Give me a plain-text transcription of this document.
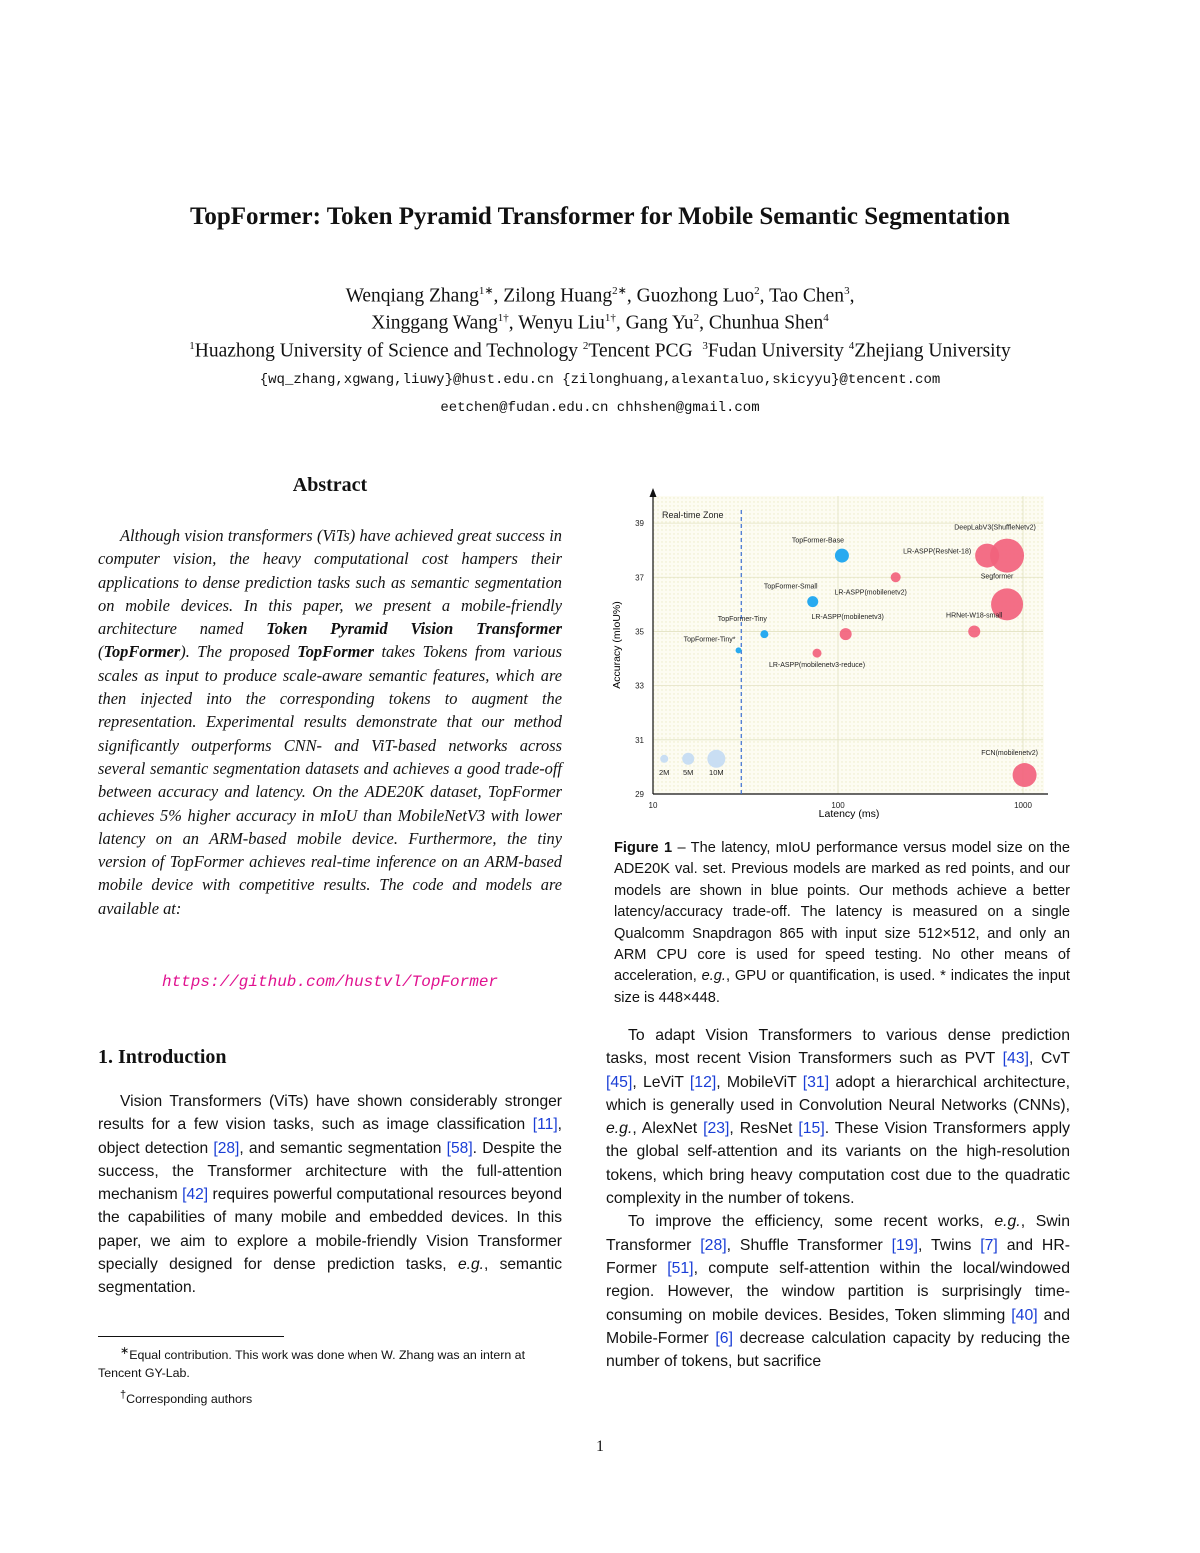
TopFormer: Token Pyramid Transformer for Mobile Semantic Segmentation
Wenqiang Zhang$^{1∗}$, Zilong Huang$^{2∗}$, Guozhong Luo$^2$, Tao Chen$^3$,
Xinggang Wang$^{1\dagger}$, Wenyu Liu$^{1\dagger}$, Gang Yu$^2$, Chunhua Shen$^4$
$^1$Huazhong University of Science and Technology $^2$Tencent PCG $^3$Fudan University $^4$Zhejiang University
{wq_zhang,xgwang,liuwy}@hust.edu.cn {zilonghuang,alexantaluo,skicyyu}@tencent.com
eetchen@fudan.edu.cn chhshen@gmail.com
Abstract
Although vision transformers (ViTs) have achieved great success in computer vision, the heavy computational cost hampers their applications to dense prediction tasks such as semantic segmentation on mobile devices. In this paper, we present a mobile-friendly architecture named Token Pyramid Vision Transformer (TopFormer). The proposed TopFormer takes Tokens from various scales as input to produce scale-aware semantic features, which are then injected into the corresponding tokens to augment the representation. Experimental results demonstrate that our method significantly outperforms CNN- and ViT-based networks across several semantic segmentation datasets and achieves a good trade-off between accuracy and latency. On the ADE20K dataset, TopFormer achieves 5% higher accuracy in mIoU than MobileNetV3 with lower latency on an ARM-based mobile device. Furthermore, the tiny version of TopFormer achieves real-time inference on an ARM-based mobile device with competitive results. The code and models are available at:
https://github.com/hustvl/TopFormer
1. Introduction
Vision Transformers (ViTs) have shown considerably stronger results for a few vision tasks, such as image classification [11], object detection [28], and semantic segmentation [58]. Despite the success, the Transformer architecture with the full-attention mechanism [42] requires powerful computational resources beyond the capabilities of many mobile and embedded devices. In this paper, we aim to explore a mobile-friendly Vision Transformer specially designed for dense prediction tasks, e.g., semantic segmentation.

∗Equal contribution. This work was done when W. Zhang was an intern at Tencent GY-Lab.

†Corresponding authors

29
31
33
35
37
39
10	100	1000
Real-time Zone
2M 5M 10M
TopFormer-Base
TopFormer-Small
TopFormer-Tiny
TopFormer-Tiny*
DeepLabV3(ShuffleNetv2)
LR-ASPP(ResNet-18)
LR-ASPP(mobilenetv2)
Segformer
LR-ASPP(mobilenetv3)	HRNet-W18-small
LR-ASPP(mobilenetv3-reduce)
FCN(mobilenetv2)
Latency (ms)
Accuracy (mIoU%)
Figure 1 – The latency, mIoU performance versus model size on the ADE20K val. set. Previous models are marked as red points, and our models are shown in blue points. Our methods achieve a better latency/accuracy trade-off. The latency is measured on a single Qualcomm Snapdragon 865 with input size 512×512, and only an ARM CPU core is used for speed testing. No other means of acceleration, e.g., GPU or quantification, is used. * indicates the input size is 448×448.

To adapt Vision Transformers to various dense prediction tasks, most recent Vision Transformers such as PVT [43], CvT [45], LeViT [12], MobileViT [31] adopt a hierarchical architecture, which is generally used in Convolution Neural Networks (CNNs), e.g., AlexNet [23], ResNet [15]. These Vision Transformers apply the global self-attention and its variants on the high-resolution tokens, which bring heavy computation cost due to the quadratic complexity in the number of tokens.

To improve the efficiency, some recent works, e.g., Swin Transformer [28], Shuffle Transformer [19], Twins [7] and HR-Former [51], compute self-attention within the local/windowed region. However, the window partition is surprisingly time-consuming on mobile devices. Besides, Token slimming [40] and Mobile-Former [6] decrease calculation capacity by reducing the number of tokens, but sacrifice

1
